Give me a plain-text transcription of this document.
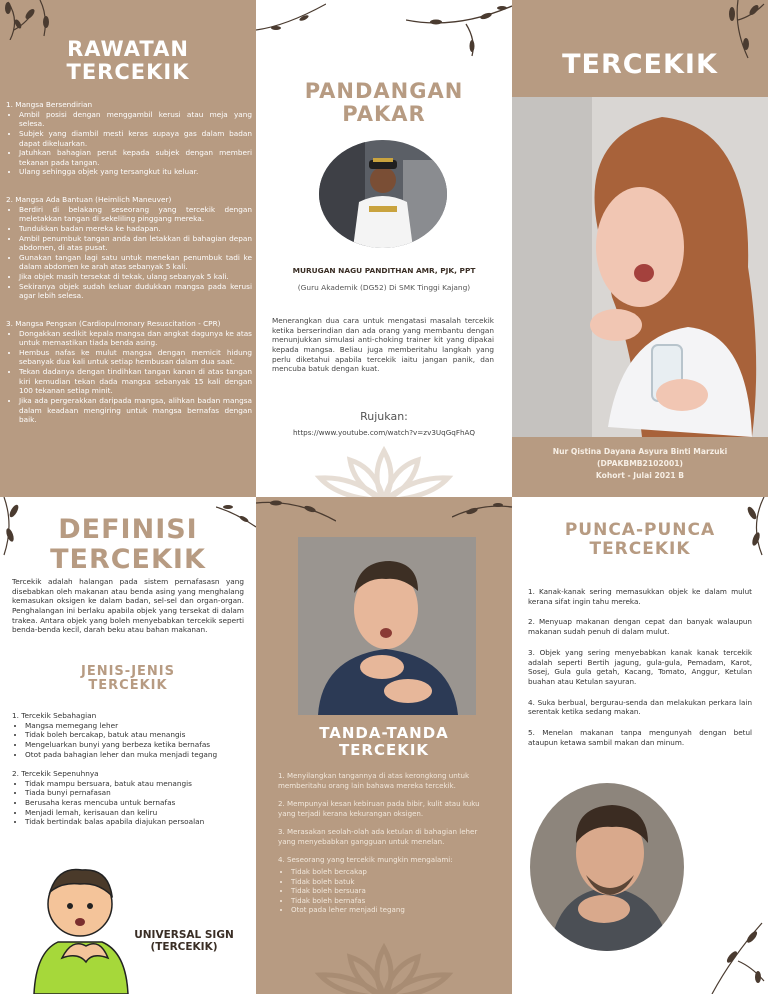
RAWATAN
TERCEKIK
1. Mangsa Bersendirian
• Ambil posisi dengan menggambil kerusi atau meja yang selesa.
• Subjek yang diambil mesti keras supaya gas dalam badan dapat dikeluarkan.
• Jatuhkan bahagian perut kepada subjek dengan memberi tekanan pada tangan.
• Ulang sehingga objek yang tersangkut itu keluar.
2. Mangsa Ada Bantuan (Heimlich Maneuver)
• Berdiri di belakang seseorang yang tercekik dengan meletakkan tangan di sekeliling pinggang mereka.
• Tundukkan badan mereka ke hadapan.
• Ambil penumbuk tangan anda dan letakkan di bahagian depan abdomen, di atas pusat.
• Gunakan tangan lagi satu untuk menekan penumbuk tadi ke dalam abdomen ke arah atas sebanyak 5 kali.
• Jika objek masih tersekat di tekak, ulang sebanyak 5 kali.
• Sekiranya objek sudah keluar dudukkan mangsa pada kerusi agar lebih selesa.
3. Mangsa Pengsan (Cardiopulmonary Resuscitation - CPR)
• Dongakkan sedikit kepala mangsa dan angkat dagunya ke atas untuk memastikan tiada benda asing.
• Hembus nafas ke mulut mangsa dengan memicit hidung sebanyak dua kali untuk setiap hembusan dalam dua saat.
• Tekan dadanya dengan tindihkan tangan kanan di atas tangan kiri kemudian tekan dada mangsa sebanyak 15 kali dengan 100 tekanan setiap minit.
• Jika ada pergerakkan daripada mangsa, alihkan badan mangsa dalam keadaan mengiring untuk mangsa bernafas dengan baik.
PANDANGAN
PAKAR
MURUGAN NAGU PANDITHAN AMR, PJK, PPT
(Guru Akademik (DG52) Di SMK Tinggi Kajang)
Menerangkan dua cara untuk mengatasi masalah tercekik ketika berserindian dan ada orang yang membantu dengan menunjukkan simulasi anti-choking trainer kit yang dipakai kepada mangsa. Beliau juga memberitahu langkah yang perlu diketahui apabila tercekik iaitu jangan panik, dan mencuba batuk dengan kuat.
Rujukan:
https://www.youtube.com/watch?v=zv3UqGqFhAQ
TERCEKIK
Nur Qistina Dayana Asyura Binti Marzuki
(DPAKBMB2102001)
Kohort - Julai 2021 B
DEFINISI
TERCEKIK
Tercekik adalah halangan pada sistem pernafasasn yang disebabkan oleh makanan atau benda asing yang menghalang kemasukan oksigen ke dalam badan, sel-sel dan organ-organ. Penghalangan ini berlaku apabila objek yang tersekat di dalam trakea. Antara objek yang boleh menyebabkan tercekik seperti benda-benda kecil, darah beku atau bahan makanan.
JENIS-JENIS
TERCEKIK
1. Tercekik Sebahagian
• Mangsa memegang leher
• Tidak boleh bercakap, batuk atau menangis
• Mengeluarkan bunyi yang berbeza ketika bernafas
• Otot pada bahagian leher dan muka menjadi tegang
2. Tercekik Sepenuhnya
• Tidak mampu bersuara, batuk atau menangis
• Tiada bunyi pernafasan
• Berusaha keras mencuba untuk bernafas
• Menjadi lemah, kerisauan dan keliru
• Tidak bertindak balas apabila diajukan persoalan
UNIVERSAL SIGN
(TERCEKIK)
TANDA-TANDA
TERCEKIK

1. Menyilangkan tangannya di atas kerongkong untuk memberitahu orang lain bahawa mereka tercekik.

2. Mempunyai kesan kebiruan pada bibir, kulit atau kuku yang terjadi kerana kekurangan oksigen.

3. Merasakan seolah-olah ada ketulan di bahagian leher yang menyebabkan gangguan untuk menelan.

4. Seseorang yang tercekik mungkin mengalami:

• Tidak boleh bercakap
• Tidak boleh batuk
• Tidak boleh bersuara
• Tidak boleh bernafas
• Otot pada leher menjadi tegang
PUNCA-PUNCA
TERCEKIK

1. Kanak-kanak sering memasukkan objek ke dalam mulut kerana sifat ingin tahu mereka.

2. Menyuap makanan dengan cepat dan banyak walaupun makanan sudah penuh di dalam mulut.

3. Objek yang sering menyebabkan kanak kanak tercekik adalah seperti Bertih jagung, gula-gula, Pemadam, Karot, Sosej, Gula gula getah, Kacang, Tomato, Anggur, Ketulan buahan atau Ketulan sayuran.

4. Suka berbual, bergurau-senda dan melakukan perkara lain serentak ketika sedang makan.

5. Menelan makanan tanpa mengunyah dengan betul ataupun ketawa sambil makan dan minum.
